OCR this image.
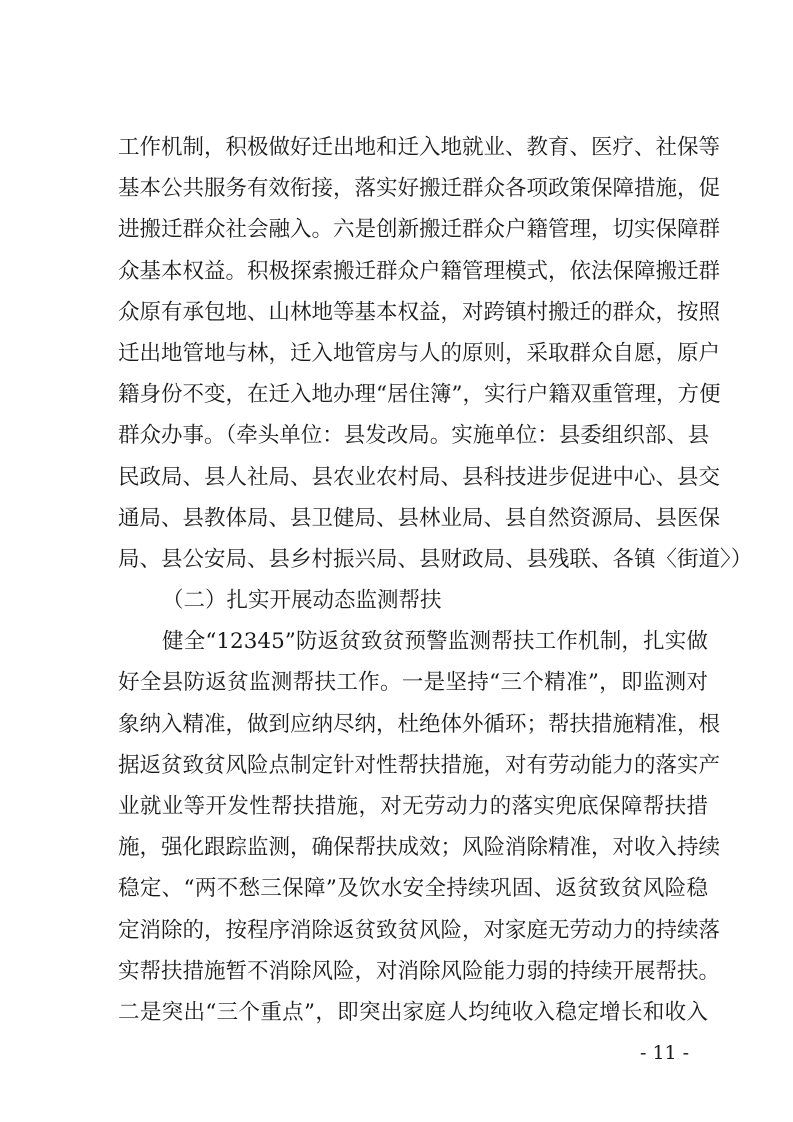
工作机制，积极做好迁出地和迁入地就业、教育、医疗、社保等
基本公共服务有效衔接，落实好搬迁群众各项政策保障措施，促
进搬迁群众社会融入。六是创新搬迁群众户籍管理，切实保障群
众基本权益。积极探索搬迁群众户籍管理模式，依法保障搬迁群
众原有承包地、山林地等基本权益，对跨镇村搬迁的群众，按照
迁出地管地与林，迁入地管房与人的原则，采取群众自愿，原户
籍身份不变，在迁入地办理“居住簿”，实行户籍双重管理，方便
群众办事。（牵头单位：县发改局。实施单位：县委组织部、县
民政局、县人社局、县农业农村局、县科技进步促进中心、县交
通局、县教体局、县卫健局、县林业局、县自然资源局、县医保
局、县公安局、县乡村振兴局、县财政局、县残联、各镇〈街道〉）
（二）扎实开展动态监测帮扶
健全“12345”防返贫致贫预警监测帮扶工作机制，扎实做
好全县防返贫监测帮扶工作。一是坚持“三个精准”，即监测对
象纳入精准，做到应纳尽纳，杜绝体外循环；帮扶措施精准，根
据返贫致贫风险点制定针对性帮扶措施，对有劳动能力的落实产
业就业等开发性帮扶措施，对无劳动力的落实兜底保障帮扶措
施，强化跟踪监测，确保帮扶成效；风险消除精准，对收入持续
稳定、“两不愁三保障”及饮水安全持续巩固、返贫致贫风险稳
定消除的，按程序消除返贫致贫风险，对家庭无劳动力的持续落
实帮扶措施暂不消除风险，对消除风险能力弱的持续开展帮扶。
二是突出“三个重点”，即突出家庭人均纯收入稳定增长和收入
- 11 -
